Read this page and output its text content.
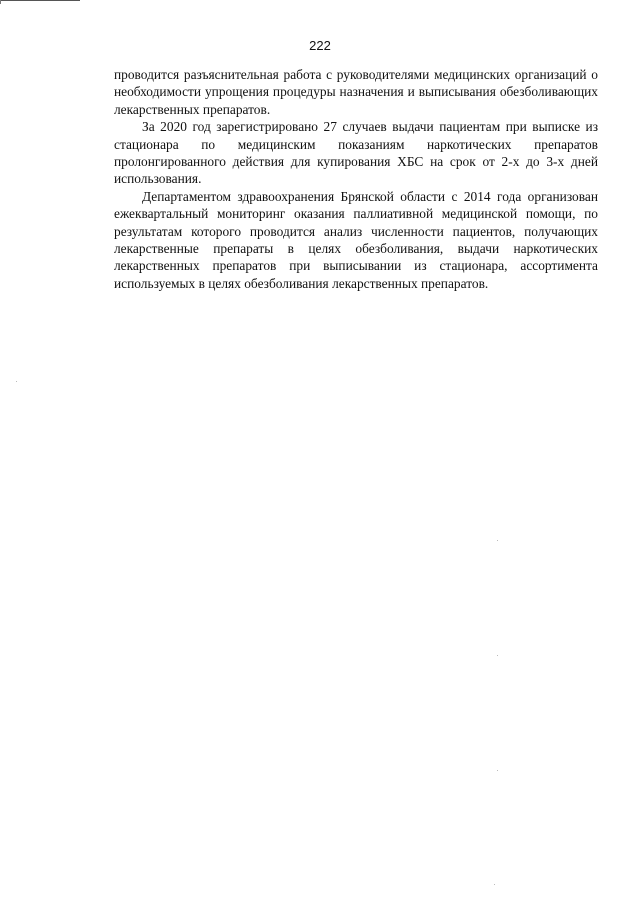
222

проводится разъяснительная работа с руководителями медицинских организаций о необходимости упрощения процедуры назначения и выписывания обезболивающих лекарственных препаратов.

За 2020 год зарегистрировано 27 случаев выдачи пациентам при выписке из стационара по медицинским показаниям наркотических препаратов пролонгированного действия для купирования ХБС на срок от 2-х до 3-х дней использования.

Департаментом здравоохранения Брянской области с 2014 года организован ежеквартальный мониторинг оказания паллиативной медицинской помощи, по результатам которого проводится анализ численности пациентов, получающих лекарственные препараты в целях обезболивания, выдачи наркотических лекарственных препаратов при выписывании из стационара, ассортимента используемых в целях обезболивания лекарственных препаратов.
